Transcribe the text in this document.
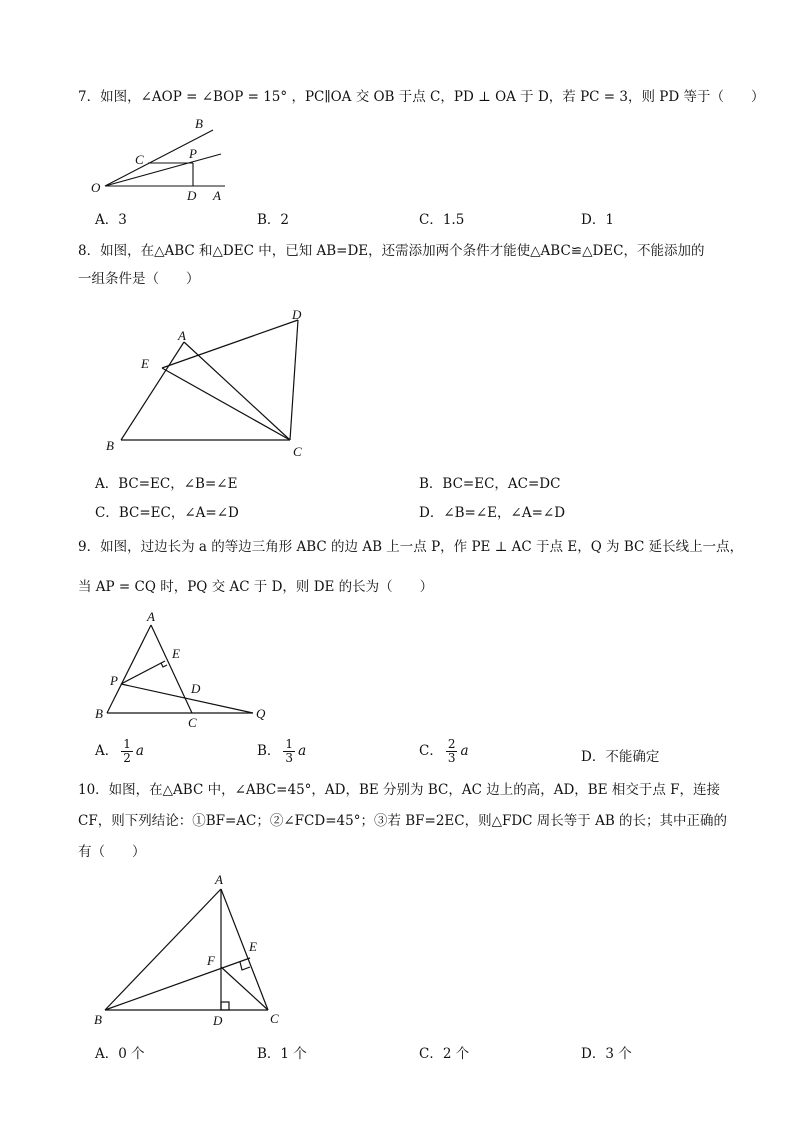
7．如图，∠AOP = ∠BOP = 15° ，PC∥OA 交 OB 于点 C，PD ⊥ OA 于 D，若 PC = 3，则 PD 等于（　　）
B
C	P
O
D A
A．3	B．2	C．1.5	D．1
8．如图，在△ABC 和△DEC 中，已知 AB=DE，还需添加两个条件才能使△ABC≌△DEC，不能添加的
一组条件是（　　）
A
D
E
B	C
A．BC=EC，∠B=∠E	B．BC=EC，AC=DC
C．BC=EC，∠A=∠D	D．∠B=∠E，∠A=∠D
9．如图，过边长为 a 的等边三角形 ABC 的边 AB 上一点 P，作 PE ⊥ AC 于点 E，Q 为 BC 延长线上一点，
当 AP = CQ 时，PQ 交 AC 于 D，则 DE 的长为（　　）
A
E
P
D
B
C
Q
A． $\frac{1}{2}$ a	B． $\frac{1}{3}$ a	C． $\frac{2}{3}$ a	D．不能确定
10．如图，在△ABC 中，∠ABC=45°，AD，BE 分别为 BC，AC 边上的高，AD，BE 相交于点 F，连接
CF，则下列结论：①BF=AC；②∠FCD=45°；③若 BF=2EC，则△FDC 周长等于 AB 的长；其中正确的
有（　　）
A
E
F
B	D	C
A．0 个	B．1 个	C．2 个	D．3 个
